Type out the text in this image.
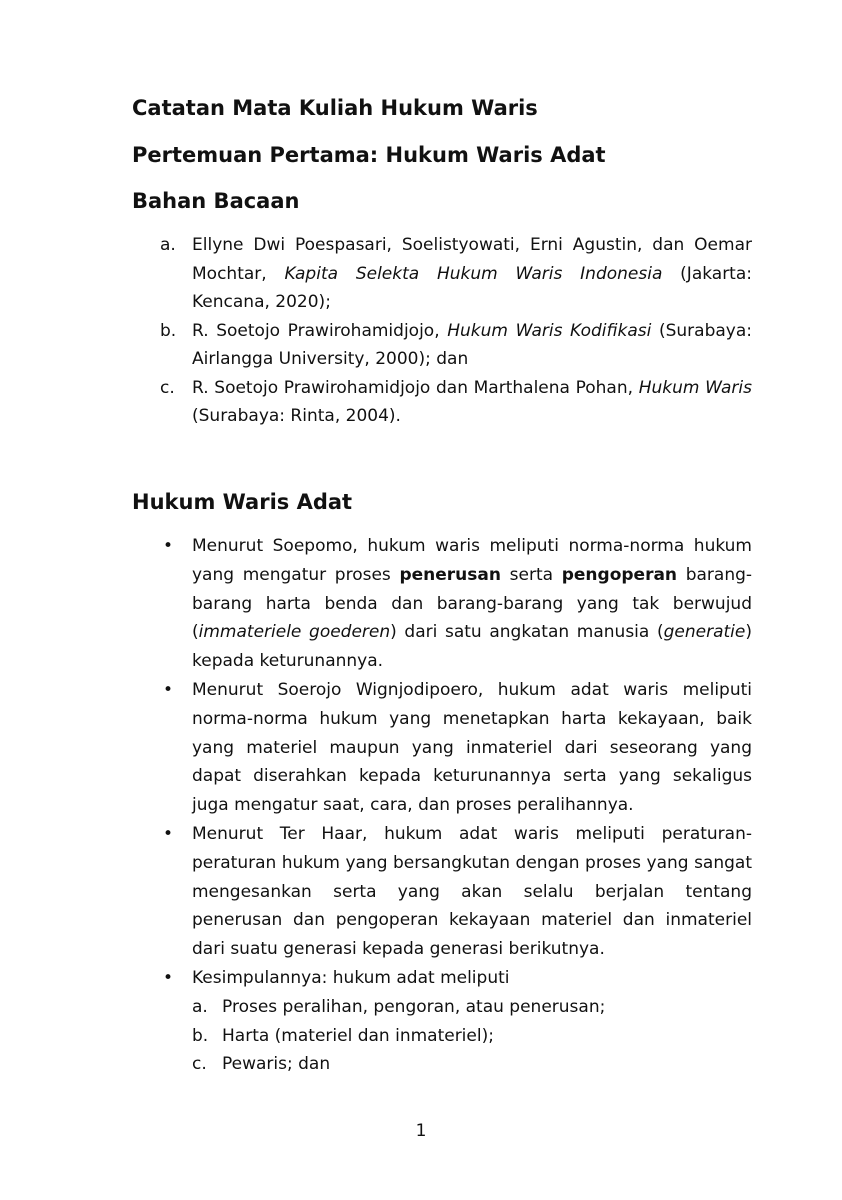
Catatan Mata Kuliah Hukum Waris
Pertemuan Pertama: Hukum Waris Adat
Bahan Bacaan
a. Ellyne Dwi Poespasari, Soelistyowati, Erni Agustin, dan Oemar Mochtar, Kapita Selekta Hukum Waris Indonesia (Jakarta: Kencana, 2020);
b. R. Soetojo Prawirohamidjojo, Hukum Waris Kodifikasi (Surabaya: Airlangga University, 2000); dan
c. R. Soetojo Prawirohamidjojo dan Marthalena Pohan, Hukum Waris (Surabaya: Rinta, 2004).
Hukum Waris Adat
• Menurut Soepomo, hukum waris meliputi norma-norma hukum yang mengatur proses penerusan serta pengoperan barang-barang harta benda dan barang-barang yang tak berwujud (immateriele goederen) dari satu angkatan manusia (generatie) kepada keturunannya.
• Menurut Soerojo Wignjodipoero, hukum adat waris meliputi norma-norma hukum yang menetapkan harta kekayaan, baik yang materiel maupun yang inmateriel dari seseorang yang dapat diserahkan kepada keturunannya serta yang sekaligus juga mengatur saat, cara, dan proses peralihannya.
• Menurut Ter Haar, hukum adat waris meliputi peraturan-peraturan hukum yang bersangkutan dengan proses yang sangat mengesankan serta yang akan selalu berjalan tentang penerusan dan pengoperan kekayaan materiel dan inmateriel dari suatu generasi kepada generasi berikutnya.
• Kesimpulannya: hukum adat meliputi
a. Proses peralihan, pengoran, atau penerusan;
b. Harta (materiel dan inmateriel);
c. Pewaris; dan
1
